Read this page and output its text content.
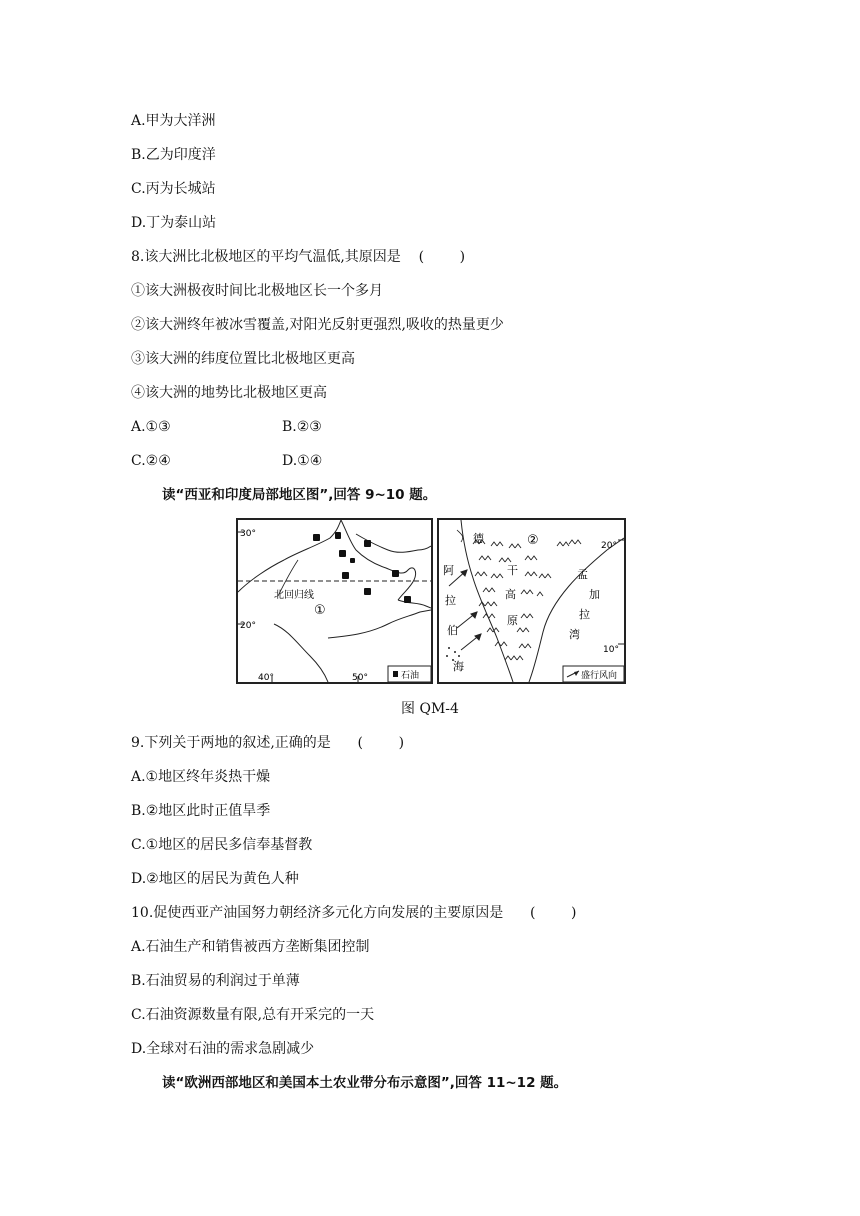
A.甲为大洋洲
B.乙为印度洋
C.丙为长城站
D.丁为泰山站
8.该大洲比北极地区的平均气温低,其原因是    (        )
①该大洲极夜时间比北极地区长一个多月
②该大洲终年被冰雪覆盖,对阳光反射更强烈,吸收的热量更少
③该大洲的纬度位置比北极地区更高
④该大洲的地势比北极地区更高
A.①③	B.②③
C.②④	D.①④
读“西亚和印度局部地区图”,回答 9~10 题。
30°
20°
40°	50°
北回归线
①
石油
德	②
干
高
原
阿
拉
伯
海
孟
加
拉
湾
20°
10°
盛行风向
图 QM-4
9.下列关于两地的叙述,正确的是      (        )
A.①地区终年炎热干燥
B.②地区此时正值旱季
C.①地区的居民多信奉基督教
D.②地区的居民为黄色人种
10.促使西亚产油国努力朝经济多元化方向发展的主要原因是      (        )
A.石油生产和销售被西方垄断集团控制
B.石油贸易的利润过于单薄
C.石油资源数量有限,总有开采完的一天
D.全球对石油的需求急剧减少
读“欧洲西部地区和美国本土农业带分布示意图”,回答 11~12 题。
